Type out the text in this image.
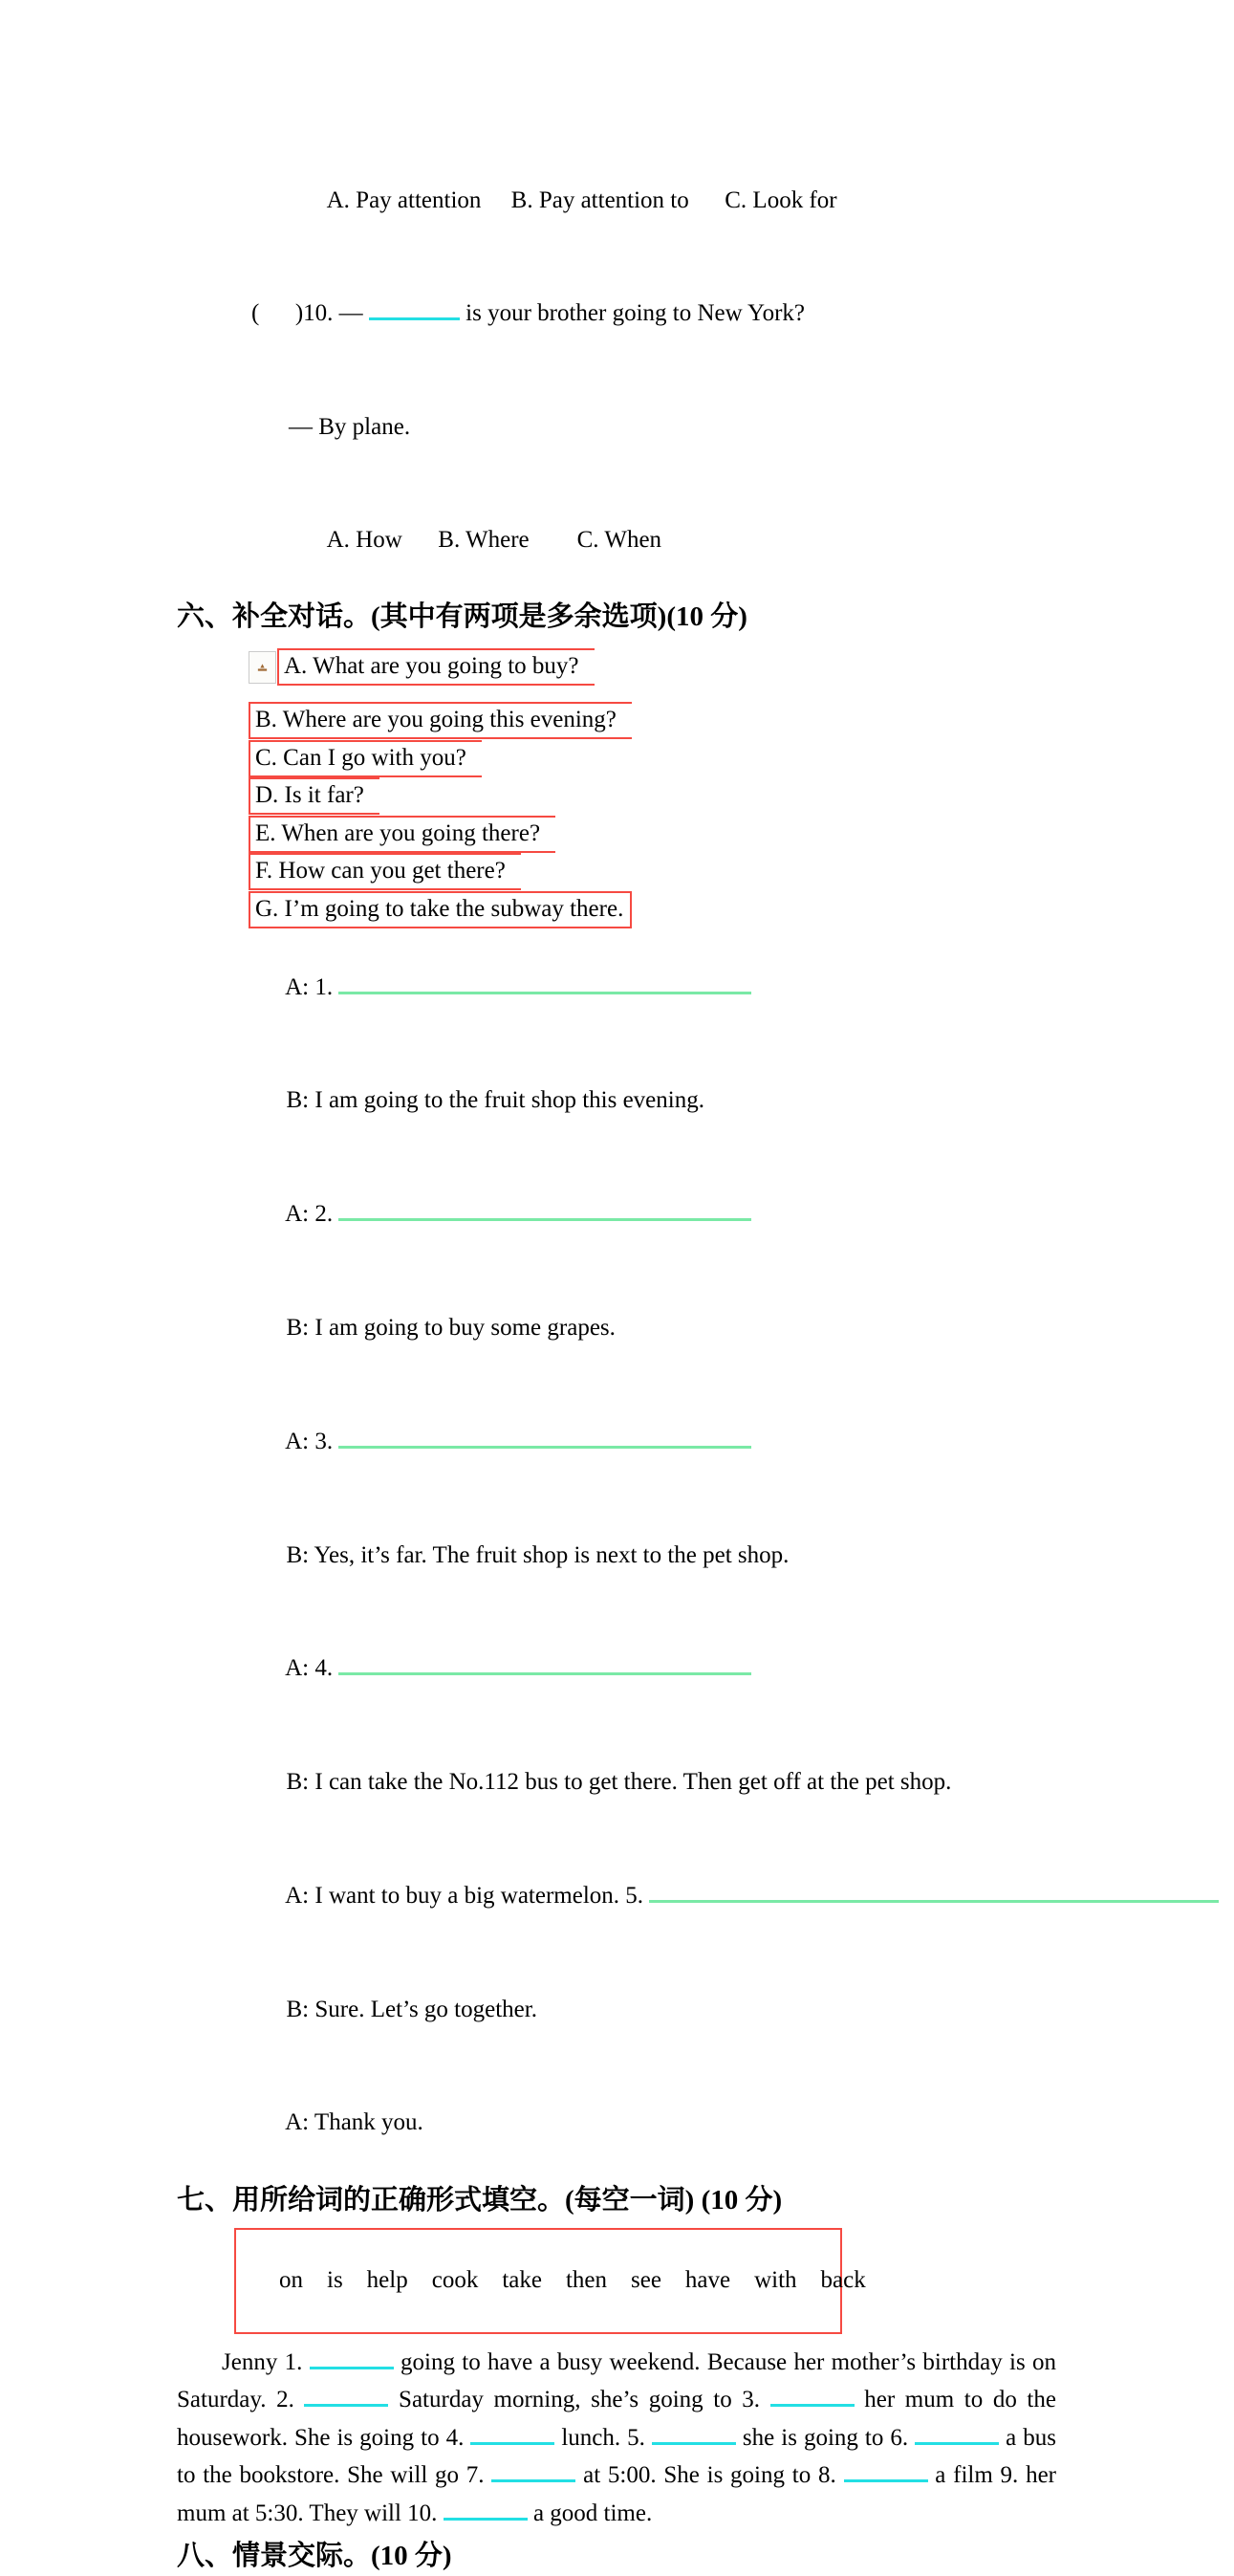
A. Pay attention     B. Pay attention to      C. Look for

(      )10. —	is your brother going to New York?

— By plane.

A. How      B. Where        C. When

六、补全对话。(其中有两项是多余选项)(10 分)
A. What are you going to buy?
B. Where are you going this evening?
C. Can I go with you?
D. Is it far?
E. When are you going there?
F. How can you get there?
G. I’m going to take the subway there.

A: 1.

B: I am going to the fruit shop this evening.

A: 2.

B: I am going to buy some grapes.

A: 3.

B: Yes, it’s far. The fruit shop is next to the pet shop.

A: 4.

B: I can take the No.112 bus to get there. Then get off at the pet shop.

A: I want to buy a big watermelon. 5.

B: Sure. Let’s go together.

A: Thank you.

七、用所给词的正确形式填空。(每空一词) (10 分)

on    is    help    cook    take    then    see    have    with    back

Jenny 1.	going to have a busy weekend. Because her mother’s birthday is on Saturday. 2.	Saturday morning, she’s going to 3.	her mum to do the housework. She is going to 4.	lunch. 5.	she is going to 6.	a bus to the bookstore. She will go 7.	at 5:00. She is going to 8.	a film 9. her mum at 5:30. They will 10.	a good time.
八、情景交际。(10 分)
